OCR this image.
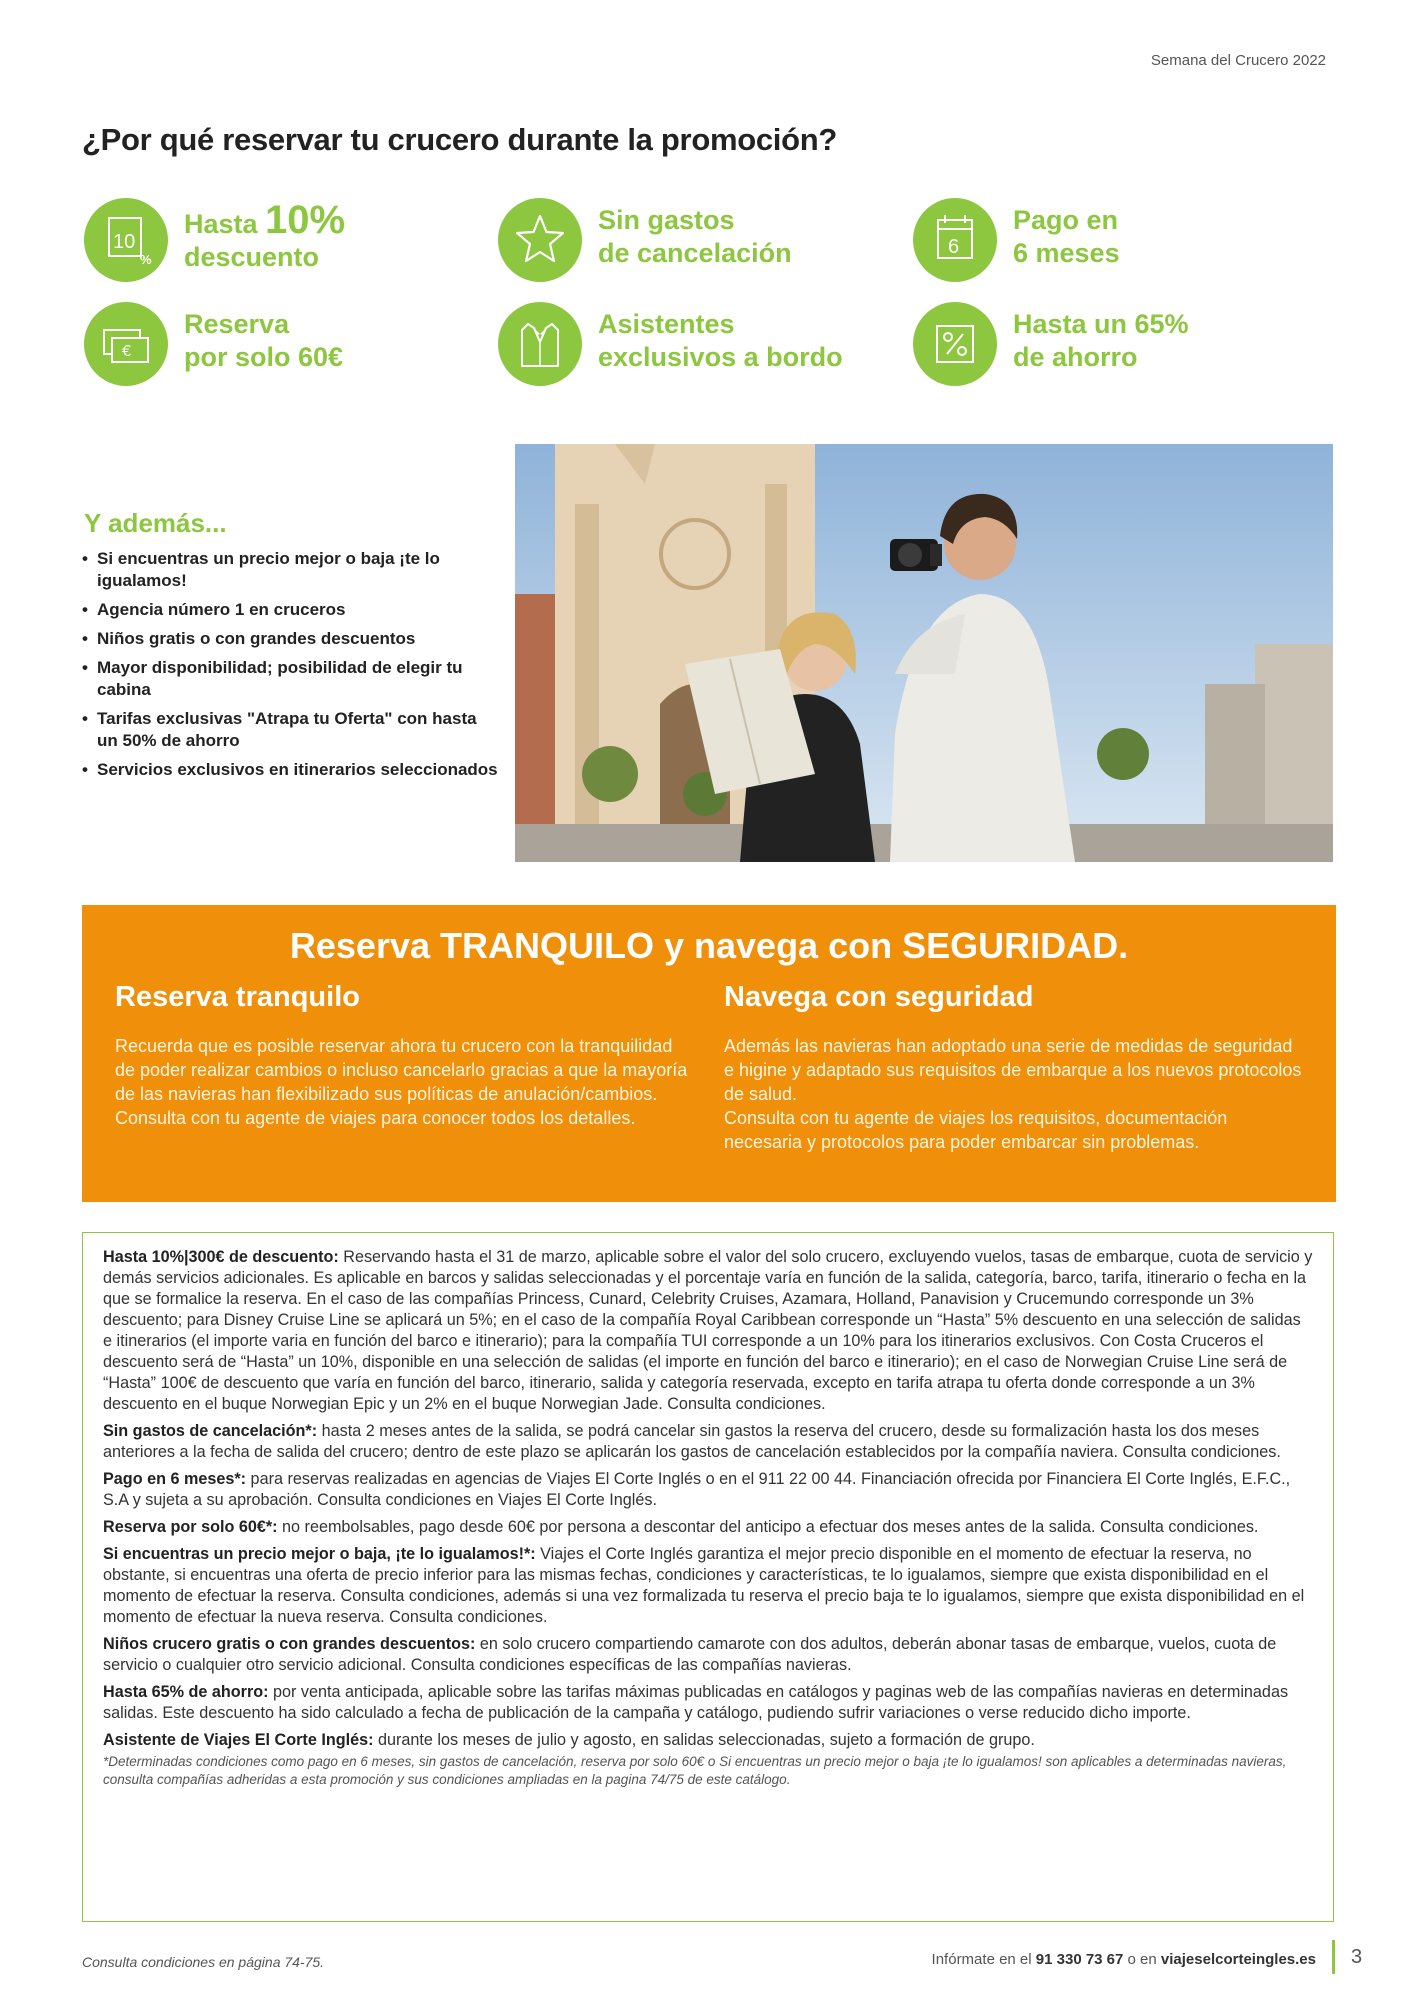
Semana del Crucero 2022
¿Por qué reservar tu crucero durante la promoción?
10
%
Hasta 10%
descuento
Sin gastos
de cancelación	6
Pago en
6 meses
€
Reserva
por solo 60€
Asistentes
exclusivos a bordo
Hasta un 65%
de ahorro
Y además...
• Si encuentras un precio mejor o baja ¡te lo igualamos!
• Agencia número 1 en cruceros
• Niños gratis o con grandes descuentos
• Mayor disponibilidad; posibilidad de elegir tu cabina
• Tarifas exclusivas "Atrapa tu Oferta" con hasta un 50% de ahorro
• Servicios exclusivos en itinerarios seleccionados
Reserva TRANQUILO y navega con SEGURIDAD.
Reserva tranquilo

Recuerda que es posible reservar ahora tu crucero con la tranquilidad de poder realizar cambios o incluso cancelarlo gracias a que la mayoría de las navieras han flexibilizado sus políticas de anulación/cambios.

Consulta con tu agente de viajes para conocer todos los detalles.

Navega con seguridad

Además las navieras han adoptado una serie de medidas de seguridad e higine y adaptado sus requisitos de embarque a los nuevos protocolos de salud.

Consulta con tu agente de viajes los requisitos, documentación necesaria y protocolos para poder embarcar sin problemas.

Hasta 10%|300€ de descuento: Reservando hasta el 31 de marzo, aplicable sobre el valor del solo crucero, excluyendo vuelos, tasas de embarque, cuota de servicio y demás servicios adicionales. Es aplicable en barcos y salidas seleccionadas y el porcentaje varía en función de la salida, categoría, barco, tarifa, itinerario o fecha en la que se formalice la reserva. En el caso de las compañías Princess, Cunard, Celebrity Cruises, Azamara, Holland, Panavision y Crucemundo corresponde un 3% descuento; para Disney Cruise Line se aplicará un 5%; en el caso de la compañía Royal Caribbean corresponde un “Hasta” 5% descuento en una selección de salidas e itinerarios (el importe varia en función del barco e itinerario); para la compañía TUI corresponde a un 10% para los itinerarios exclusivos. Con Costa Cruceros el descuento será de “Hasta” un 10%, disponible en una selección de salidas (el importe en función del barco e itinerario); en el caso de Norwegian Cruise Line será de “Hasta” 100€ de descuento que varía en función del barco, itinerario, salida y categoría reservada, excepto en tarifa atrapa tu oferta donde corresponde a un 3% descuento en el buque Norwegian Epic y un 2% en el buque Norwegian Jade. Consulta condiciones.

Sin gastos de cancelación*: hasta 2 meses antes de la salida, se podrá cancelar sin gastos la reserva del crucero, desde su formalización hasta los dos meses anteriores a la fecha de salida del crucero; dentro de este plazo se aplicarán los gastos de cancelación establecidos por la compañía naviera. Consulta condiciones.

Pago en 6 meses*: para reservas realizadas en agencias de Viajes El Corte Inglés o en el 911 22 00 44. Financiación ofrecida por Financiera El Corte Inglés, E.F.C., S.A y sujeta a su aprobación. Consulta condiciones en Viajes El Corte Inglés.

Reserva por solo 60€*: no reembolsables, pago desde 60€ por persona a descontar del anticipo a efectuar dos meses antes de la salida. Consulta condiciones.

Si encuentras un precio mejor o baja, ¡te lo igualamos!*: Viajes el Corte Inglés garantiza el mejor precio disponible en el momento de efectuar la reserva, no obstante, si encuentras una oferta de precio inferior para las mismas fechas, condiciones y características, te lo igualamos, siempre que exista disponibilidad en el momento de efectuar la reserva. Consulta condiciones, además si una vez formalizada tu reserva el precio baja te lo igualamos, siempre que exista disponibilidad en el momento de efectuar la nueva reserva. Consulta condiciones.

Niños crucero gratis o con grandes descuentos: en solo crucero compartiendo camarote con dos adultos, deberán abonar tasas de embarque, vuelos, cuota de servicio o cualquier otro servicio adicional. Consulta condiciones específicas de las compañías navieras.

Hasta 65% de ahorro: por venta anticipada, aplicable sobre las tarifas máximas publicadas en catálogos y paginas web de las compañías navieras en determinadas salidas. Este descuento ha sido calculado a fecha de publicación de la campaña y catálogo, pudiendo sufrir variaciones o verse reducido dicho importe.

Asistente de Viajes El Corte Inglés: durante los meses de julio y agosto, en salidas seleccionadas, sujeto a formación de grupo.

*Determinadas condiciones como pago en 6 meses, sin gastos de cancelación, reserva por solo 60€ o Si encuentras un precio mejor o baja ¡te lo igualamos! son aplicables a determinadas navieras, consulta compañías adheridas a esta promoción y sus condiciones ampliadas en la pagina 74/75 de este catálogo.

Consulta condiciones en página 74-75.	Infórmate en el 91 330 73 67 o en viajeselcorteingles.es 3
